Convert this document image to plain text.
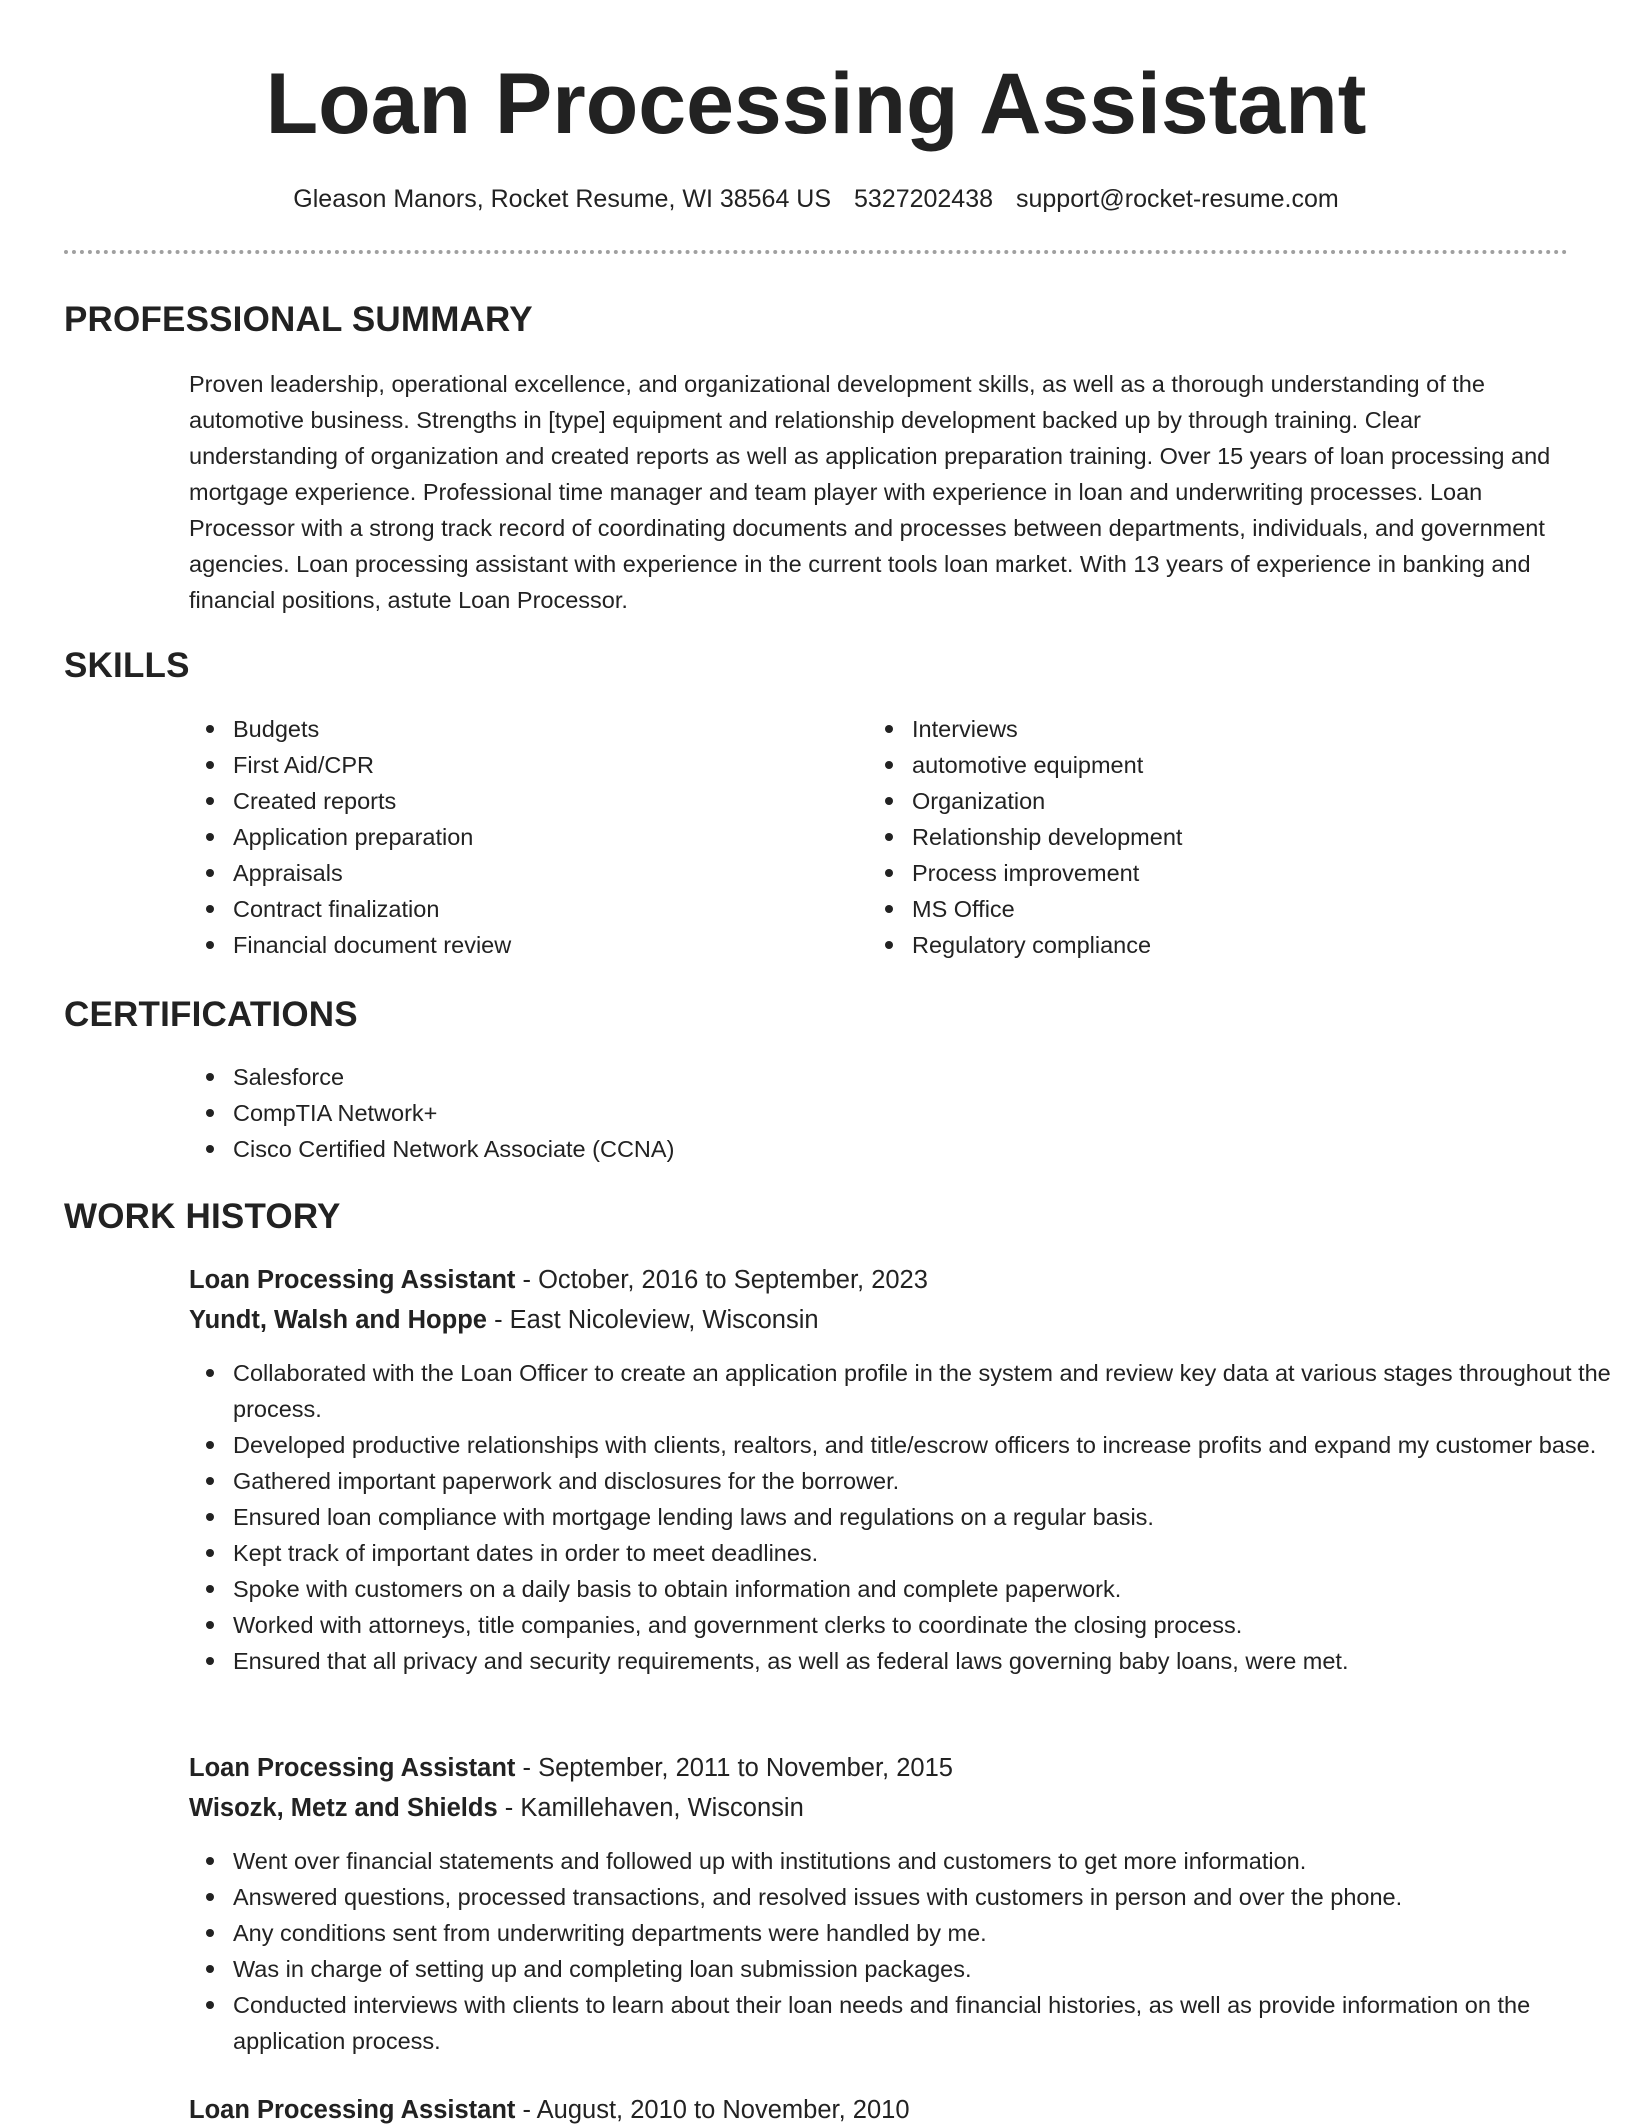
Loan Processing Assistant
Gleason Manors, Rocket Resume, WI 38564 US 5327202438 support@rocket-resume.com
PROFESSIONAL SUMMARY

Proven leadership, operational excellence, and organizational development skills, as well as a thorough understanding of the automotive business. Strengths in [type] equipment and relationship development backed up by through training. Clear understanding of organization and created reports as well as application preparation training. Over 15 years of loan processing and mortgage experience. Professional time manager and team player with experience in loan and underwriting processes. Loan Processor with a strong track record of coordinating documents and processes between departments, individuals, and government agencies. Loan processing assistant with experience in the current tools loan market. With 13 years of experience in banking and financial positions, astute Loan Processor.

SKILLS
Budgets
First Aid/CPR
Created reports
Application preparation
Appraisals
Contract finalization
Financial document review
Interviews
automotive equipment
Organization
Relationship development
Process improvement
MS Office
Regulatory compliance
CERTIFICATIONS
Salesforce
CompTIA Network+
Cisco Certified Network Associate (CCNA)
WORK HISTORY
Loan Processing Assistant - October, 2016 to September, 2023
Yundt, Walsh and Hoppe - East Nicoleview, Wisconsin
Collaborated with the Loan Officer to create an application profile in the system and review key data at various stages throughout the process.
Developed productive relationships with clients, realtors, and title/escrow officers to increase profits and expand my customer base.
Gathered important paperwork and disclosures for the borrower.
Ensured loan compliance with mortgage lending laws and regulations on a regular basis.
Kept track of important dates in order to meet deadlines.
Spoke with customers on a daily basis to obtain information and complete paperwork.
Worked with attorneys, title companies, and government clerks to coordinate the closing process.
Ensured that all privacy and security requirements, as well as federal laws governing baby loans, were met.
Loan Processing Assistant - September, 2011 to November, 2015
Wisozk, Metz and Shields - Kamillehaven, Wisconsin
Went over financial statements and followed up with institutions and customers to get more information.
Answered questions, processed transactions, and resolved issues with customers in person and over the phone.
Any conditions sent from underwriting departments were handled by me.
Was in charge of setting up and completing loan submission packages.
Conducted interviews with clients to learn about their loan needs and financial histories, as well as provide information on the application process.
Loan Processing Assistant - August, 2010 to November, 2010
